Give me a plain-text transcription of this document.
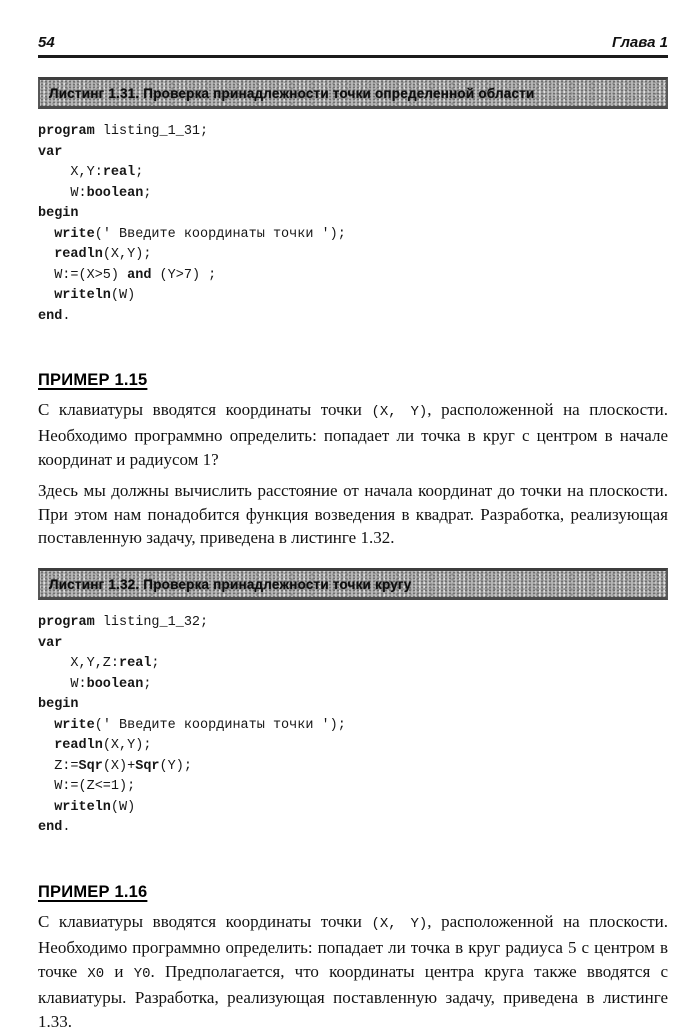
54	Глава 1
Листинг 1.31. Проверка принадлежности точки определенной области
program listing_1_31;
var
X,Y:real;
W:boolean;
begin
write(' Введите координаты точки ');
readln(X,Y);
W:=(X>5) and (Y>7) ;
writeln(W)
end.
ПРИМЕР 1.15

С клавиатуры вводятся координаты точки (X, Y), расположенной на плоскости. Необходимо программно определить: попадает ли точка в круг с центром в начале координат и радиусом 1?

Здесь мы должны вычислить расстояние от начала координат до точки на плоскости. При этом нам понадобится функция возведения в квадрат. Разработка, реализующая поставленную задачу, приведена в листинге 1.32.

Листинг 1.32. Проверка принадлежности точки кругу
program listing_1_32;
var
X,Y,Z:real;
W:boolean;
begin
write(' Введите координаты точки ');
readln(X,Y);
Z:=Sqr(X)+Sqr(Y);
W:=(Z<=1);
writeln(W)
end.
ПРИМЕР 1.16

С клавиатуры вводятся координаты точки (X, Y), расположенной на плоскости. Необходимо программно определить: попадает ли точка в круг радиуса 5 с центром в точке X0 и Y0. Предполагается, что координаты центра круга также вводятся с клавиатуры. Разработка, реализующая поставленную задачу, приведена в листинге 1.33.
